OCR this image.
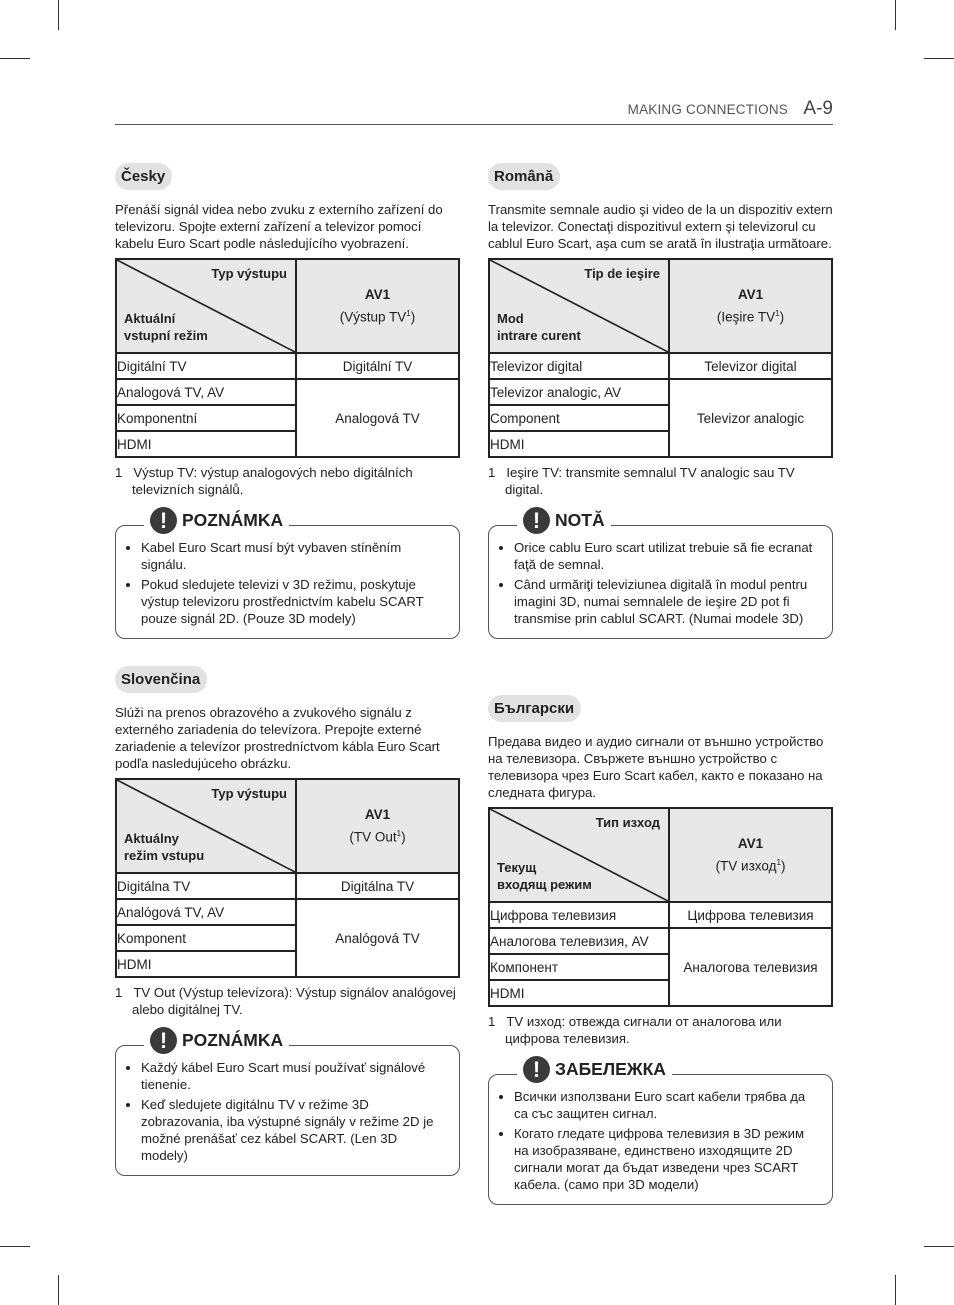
MAKING CONNECTIONS A-9
Česky

Přenáší signál videa nebo zvuku z externího zařízení do televizoru. Spojte externí zařízení a televizor pomocí kabelu Euro Scart podle následujícího vyobrazení.

Typ výstupu
Aktuální
vstupní režim	AV1
(Výstup $TV^1$)
Digitální TV	Digitální TV
Analogová TV, AV	Analogová TV
Komponentní	
HDMI	
1 Výstup TV: výstup analogových nebo digitálních televizních signálů.
! POZNÁMKA
• Kabel Euro Scart musí být vybaven stíněním signálu.
• Pokud sledujete televizi v 3D režimu, poskytuje výstup televizoru prostřednictvím kabelu SCART pouze signál 2D. (Pouze 3D modely)
Slovenčina

Slúži na prenos obrazového a zvukového signálu z externého zariadenia do televízora. Prepojte externé zariadenie a televízor prostredníctvom kábla Euro Scart podľa nasledujúceho obrázku.

Typ výstupu
Aktuálny
režim vstupu	AV1
(TV Out$^1$)
Digitálna TV	Digitálna TV
Analógová TV, AV	Analógová TV
Komponent	
HDMI	
1 TV Out (Výstup televízora): Výstup signálov analógovej alebo digitálnej TV.
! POZNÁMKA
• Každý kábel Euro Scart musí používať signálové tienenie.
• Keď sledujete digitálnu TV v režime 3D zobrazovania, iba výstupné signály v režime 2D je možné prenášať cez kábel SCART. (Len 3D modely)
Română

Transmite semnale audio şi video de la un dispozitiv extern la televizor. Conectaţi dispozitivul extern şi televizorul cu cablul Euro Scart, aşa cum se arată în ilustraţia următoare.

Tip de ieşire
Mod
intrare curent	AV1
(Ieşire $TV^1$)
Televizor digital	Televizor digital
Televizor analogic, AV	Televizor analogic
Component	
HDMI	
1 Ieşire TV: transmite semnalul TV analogic sau TV digital.
! NOTĂ
• Orice cablu Euro scart utilizat trebuie să fie ecranat faţă de semnal.
• Când urmăriţi televiziunea digitală în modul pentru imagini 3D, numai semnalele de ieşire 2D pot fi transmise prin cablul SCART. (Numai modele 3D)
Български

Предава видео и аудио сигнали от външно устройство на телевизора. Свържете външно устройство с телевизора чрез Euro Scart кабел, както е показано на следната фигура.

Тип изход
Текущ
входящ режим	AV1
(TV изход$^1$)
Цифрова телевизия	Цифрова телевизия
Аналогова телевизия, AV	Аналогова телевизия
Компонент	
HDMI	
1 TV изход: отвежда сигнали от аналогова или цифрова телевизия.
! ЗАБЕЛЕЖКА
• Всички използвани Euro scart кабели трябва да са със защитен сигнал.
• Когато гледате цифрова телевизия в 3D режим на изобразяване, единствено изходящите 2D сигнали могат да бъдат изведени чрез SCART кабела. (само при 3D модели)
